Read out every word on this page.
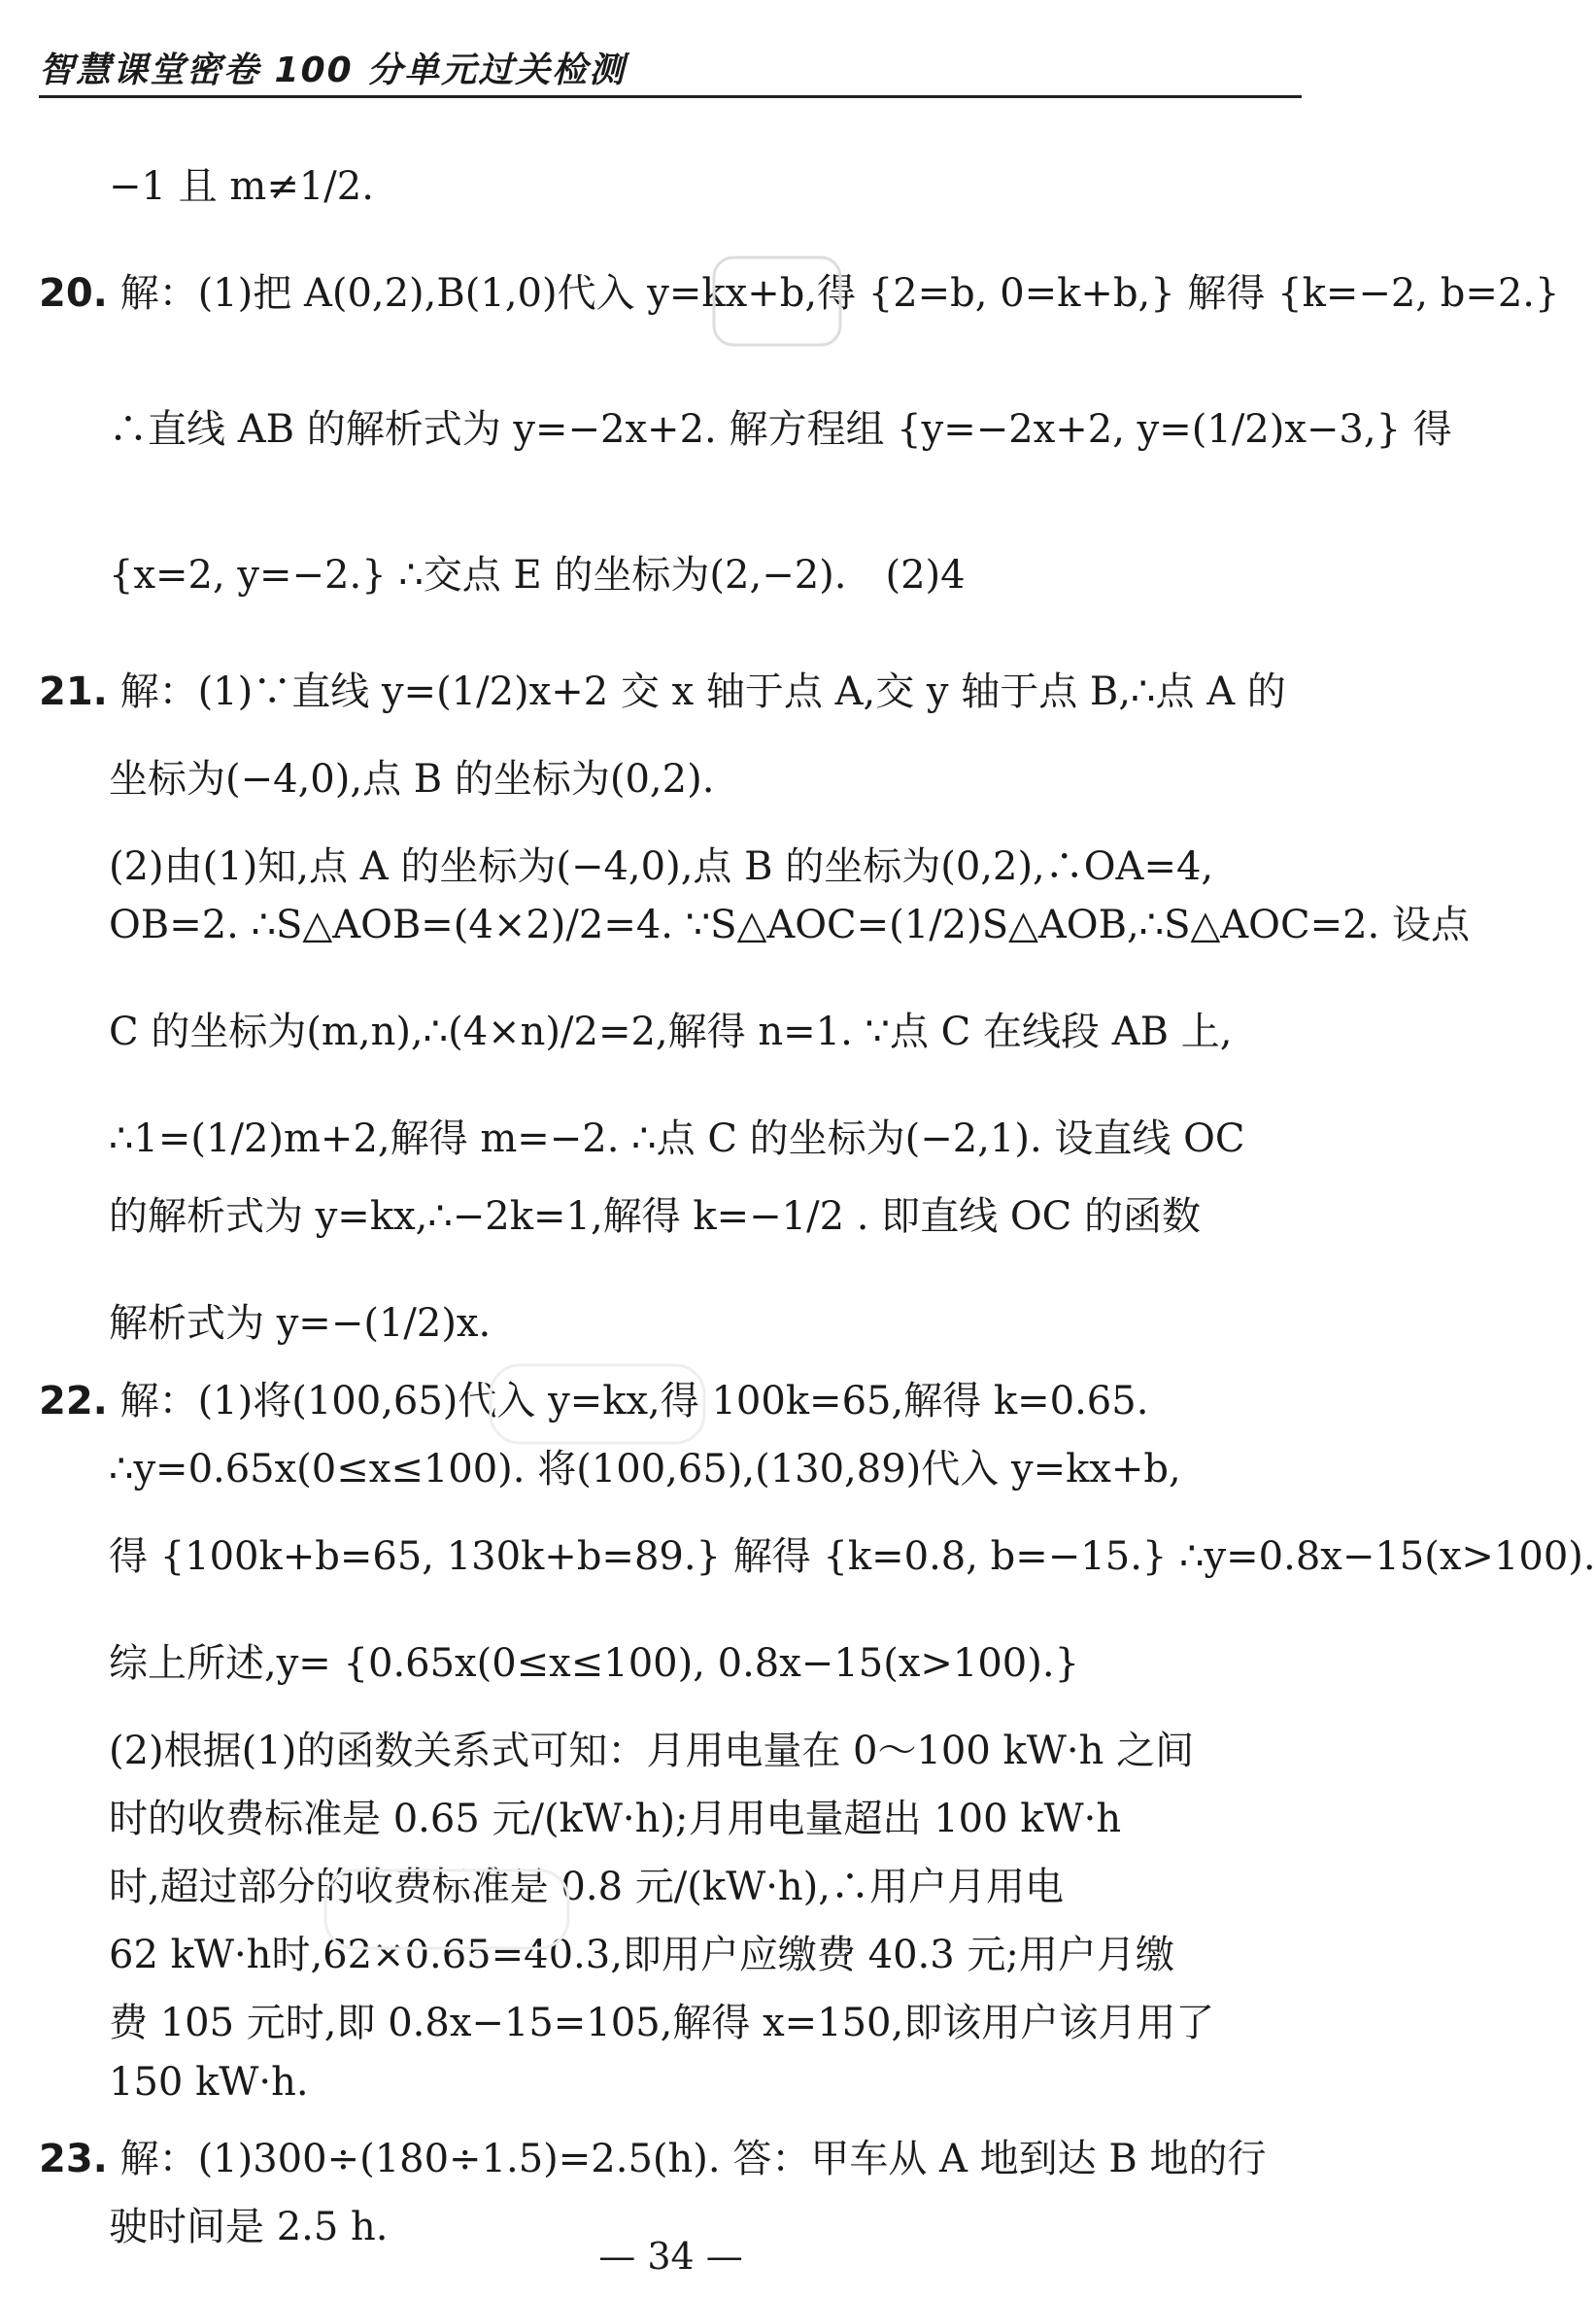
智慧课堂密卷 100 分单元过关检测
−1 且 m≠1/2.
20. 解：(1)把 A(0,2),B(1,0)代入 y=kx+b,得 {2=b, 0=k+b,} 解得 {k=−2, b=2.}
∴直线 AB 的解析式为 y=−2x+2. 解方程组 {y=−2x+2, y=(1/2)x−3,} 得
{x=2, y=−2.} ∴交点 E 的坐标为(2,−2).　(2)4
21. 解：(1)∵直线 y=(1/2)x+2 交 x 轴于点 A,交 y 轴于点 B,∴点 A 的
坐标为(−4,0),点 B 的坐标为(0,2).
(2)由(1)知,点 A 的坐标为(−4,0),点 B 的坐标为(0,2),∴OA=4,
OB=2. ∴S△AOB=(4×2)/2=4. ∵S△AOC=(1/2)S△AOB,∴S△AOC=2. 设点
C 的坐标为(m,n),∴(4×n)/2=2,解得 n=1. ∵点 C 在线段 AB 上,
∴1=(1/2)m+2,解得 m=−2. ∴点 C 的坐标为(−2,1). 设直线 OC
的解析式为 y=kx,∴−2k=1,解得 k=−1/2 . 即直线 OC 的函数
解析式为 y=−(1/2)x.
22. 解：(1)将(100,65)代入 y=kx,得 100k=65,解得 k=0.65.
∴y=0.65x(0≤x≤100). 将(100,65),(130,89)代入 y=kx+b,
得 {100k+b=65, 130k+b=89.} 解得 {k=0.8, b=−15.} ∴y=0.8x−15(x>100).
综上所述,y= {0.65x(0≤x≤100), 0.8x−15(x>100).}
(2)根据(1)的函数关系式可知：月用电量在 0～100 kW·h 之间
时的收费标准是 0.65 元/(kW·h);月用电量超出 100 kW·h
时,超过部分的收费标准是 0.8 元/(kW·h),∴用户月用电
62 kW·h时,62×0.65=40.3,即用户应缴费 40.3 元;用户月缴
费 105 元时,即 0.8x−15=105,解得 x=150,即该用户该月用了
150 kW·h.
23. 解：(1)300÷(180÷1.5)=2.5(h). 答：甲车从 A 地到达 B 地的行
驶时间是 2.5 h.
— 34 —
